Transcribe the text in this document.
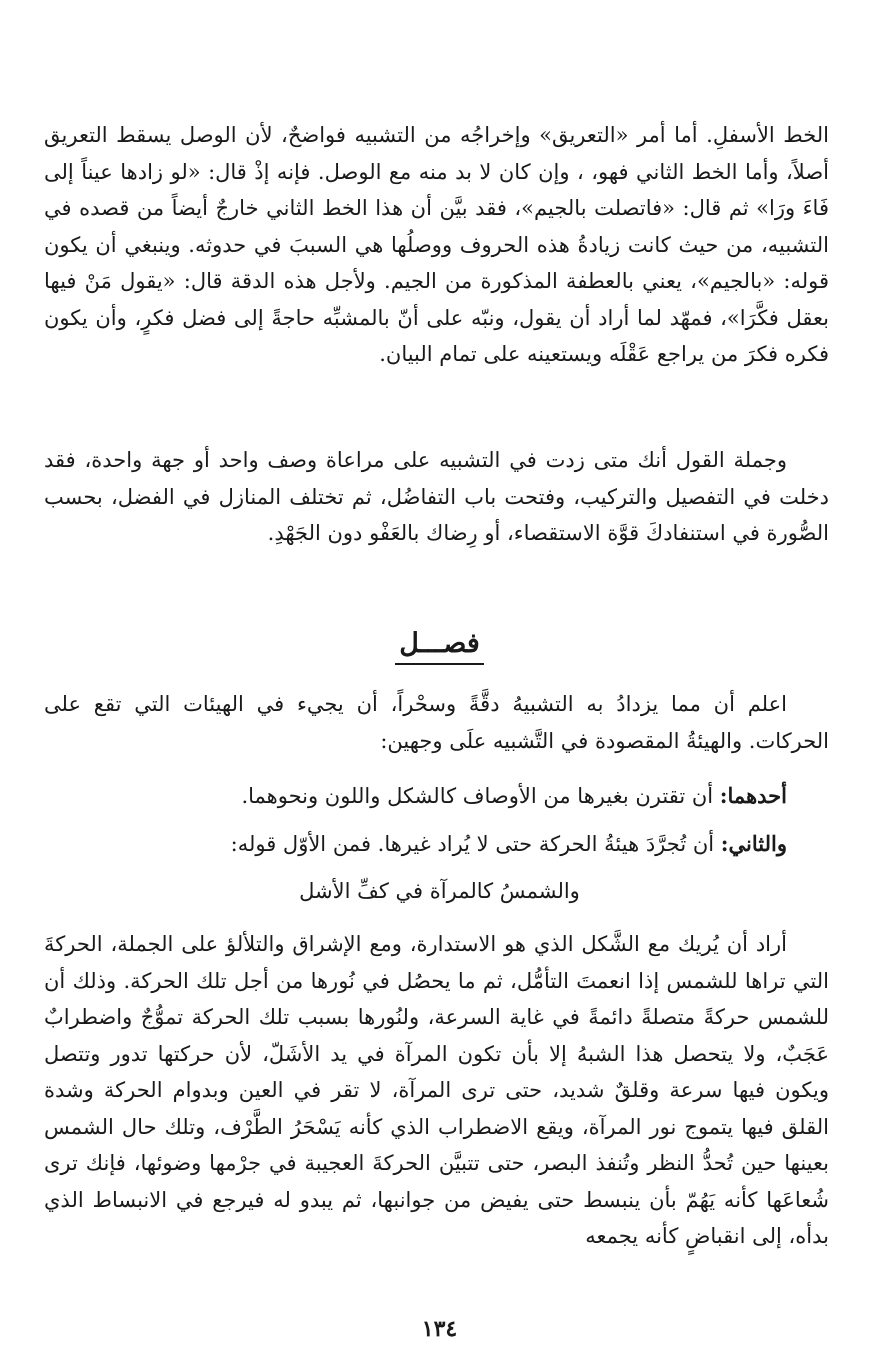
الخط الأسفلِ. أما أمر «التعريق» وإخراجُه من التشبيه فواضحٌ، لأن الوصل يسقط التعريق أصلاً، وأما الخط الثاني فهو، ، وإن كان لا بد منه مع الوصل. فإنه إذْ قال: «لو زادها عيناً إلى فَاءَ ورَا» ثم قال: «فاتصلت بالجيم»، فقد بيَّن أن هذا الخط الثاني خارجٌ أيضاً من قصده في التشبيه، من حيث كانت زيادةُ هذه الحروف ووصلُها هي السببَ في حدوثه. وينبغي أن يكون قوله: «بالجيم»، يعني بالعطفة المذكورة من الجيم. ولأجل هذه الدقة قال: «يقول مَنْ فيها بعقل فكَّرَا»، فمهّد لما أراد أن يقول، ونبّه على أنّ بالمشبِّه حاجةً إلى فضل فكرٍ، وأن يكون فكره فكرَ من يراجع عَقْلَه ويستعينه على تمام البيان.

وجملة القول أنك متى زدت في التشبيه على مراعاة وصف واحد أو جهة واحدة، فقد دخلت في التفصيل والتركيب، وفتحت باب التفاضُل، ثم تختلف المنازل في الفضل، بحسب الصُّورة في استنفادكَ قوَّة الاستقصاء، أو رِضاك بالعَفْو دون الجَهْدِ.

فصـــل

اعلم أن مما يزدادُ به التشبيهُ دقَّةً وسحْراً، أن يجيء في الهيئات التي تقع على الحركات. والهيئةُ المقصودة في التَّشبيه علَى وجهين:

أحدهما: أن تقترن بغيرها من الأوصاف كالشكل واللون ونحوهما.
والثاني: أن تُجرَّدَ هيئةُ الحركة حتى لا يُراد غيرها. فمن الأوّل قوله:
والشمسُ كالمرآة في كفِّ الأشل

أراد أن يُريك مع الشَّكل الذي هو الاستدارة، ومع الإشراق والتلألؤ على الجملة، الحركةَ التي تراها للشمس إذا انعمتَ التأمُّل، ثم ما يحصُل في نُورها من أجل تلك الحركة. وذلك أن للشمس حركةً متصلةً دائمةً في غاية السرعة، ولنُورها بسبب تلك الحركة تموُّجٌ واضطرابٌ عَجَبٌ، ولا يتحصل هذا الشبهُ إلا بأن تكون المرآة في يد الأشَلّ، لأن حركتها تدور وتتصل ويكون فيها سرعة وقلقٌ شديد، حتى ترى المرآة، لا تقر في العين وبدوام الحركة وشدة القلق فيها يتموج نور المرآة، ويقع الاضطراب الذي كأنه يَسْحَرُ الطَّرْف، وتلك حال الشمس بعينها حين تُحدُّ النظر وتُنفذ البصر، حتى تتبيَّن الحركةَ العجيبة في جرْمها وضوئها، فإنك ترى شُعاعَها كأنه يَهُمّ بأن ينبسط حتى يفيض من جوانبها، ثم يبدو له فيرجع في الانبساط الذي بدأه، إلى انقباضٍ كأنه يجمعه

١٣٤
